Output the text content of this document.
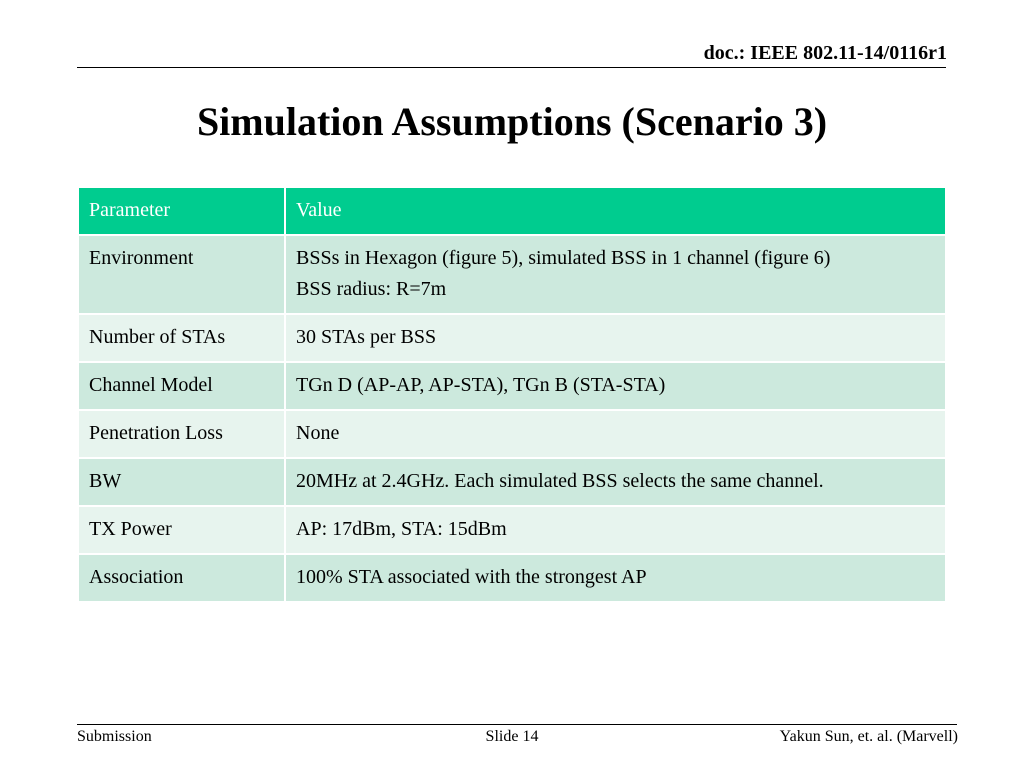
doc.: IEEE 802.11-14/0116r1
Simulation Assumptions (Scenario 3)
Parameter	Value
Environment	BSSs in Hexagon (figure 5), simulated BSS in 1 channel (figure 6)
BSS radius: R=7m

Number of STAs	30 STAs per BSS

Channel Model	TGn D (AP-AP, AP-STA), TGn B (STA-STA)

Penetration Loss	None

BW	20MHz at 2.4GHz. Each simulated BSS selects the same channel.

TX Power	AP: 17dBm, STA: 15dBm

Association	100% STA associated with the strongest AP
Submission	Slide 14	Yakun Sun, et. al. (Marvell)
